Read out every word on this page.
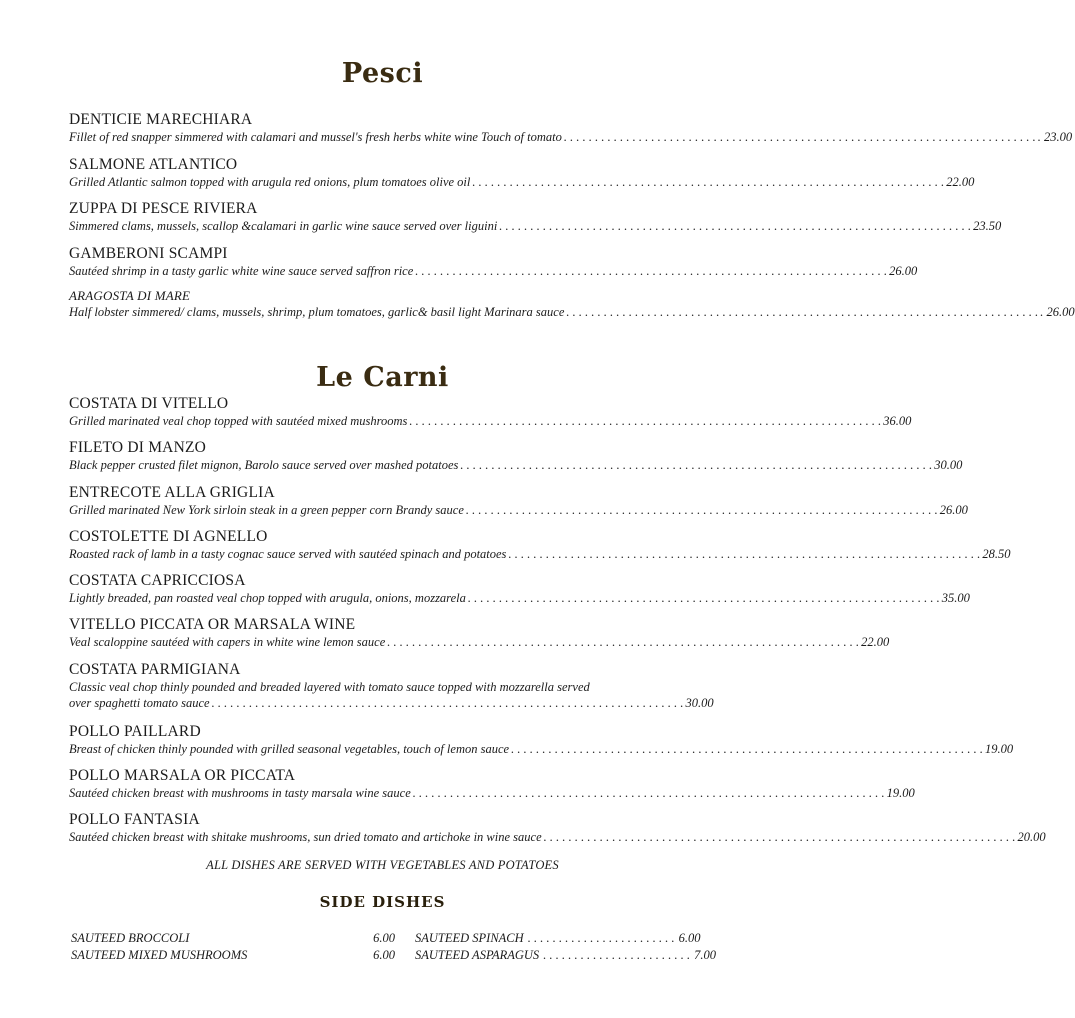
Pesci
DENTICIE MARECHIARA
Fillet of red snapper simmered with calamari and mussel's fresh herbs white wine Touch of tomato . . .	. 23.00
SALMONE ATLANTICO
Grilled Atlantic salmon topped with arugula red onions, plum tomatoes olive oil . . .	22.00
ZUPPA DI PESCE RIVIERA
Simmered clams, mussels, scallop &calamari in garlic wine sauce served over liguini . . .	23.50
GAMBERONI SCAMPI
Sautéed shrimp in a tasty garlic white wine sauce served saffron rice . . .	26.00
ARAGOSTA DI MARE
Half lobster simmered/ clams, mussels, shrimp, plum tomatoes, garlic& basil light Marinara sauce . . .	. 26.00
Le Carni
COSTATA DI VITELLO
Grilled marinated veal chop topped with sautéed mixed mushrooms . . .	36.00
FILETO DI MANZO
Black pepper crusted filet mignon, Barolo sauce served over mashed potatoes . . .	30.00
ENTRECOTE ALLA GRIGLIA
Grilled marinated New York sirloin steak in a green pepper corn Brandy sauce . . .	26.00
COSTOLETTE DI AGNELLO
Roasted rack of lamb in a tasty cognac sauce served with sautéed spinach and potatoes . . .	28.50
COSTATA CAPRICCIOSA
Lightly breaded, pan roasted veal chop topped with arugula, onions, mozzarela . . .	35.00
VITELLO PICCATA OR MARSALA WINE
Veal scaloppine sautéed with capers in white wine lemon sauce . . .	22.00
COSTATA PARMIGIANA
Classic veal chop thinly pounded and breaded layered with tomato sauce topped with mozzarella served
over spaghetti tomato sauce . . .	30.00
POLLO PAILLARD
Breast of chicken thinly pounded with grilled seasonal vegetables, touch of lemon sauce . . .	19.00
POLLO MARSALA OR PICCATA
Sautéed chicken breast with mushrooms in tasty marsala wine sauce . . .	19.00
POLLO FANTASIA
Sautéed chicken breast with shitake mushrooms, sun dried tomato and artichoke in wine sauce . . .	20.00
ALL DISHES ARE SERVED WITH VEGETABLES AND POTATOES
SIDE DISHES
SAUTEED BROCCOLI	6.00 SAUTEED SPINACH . . .	6.00
SAUTEED MIXED MUSHROOMS	6.00 SAUTEED ASPARAGUS . . .	7.00
